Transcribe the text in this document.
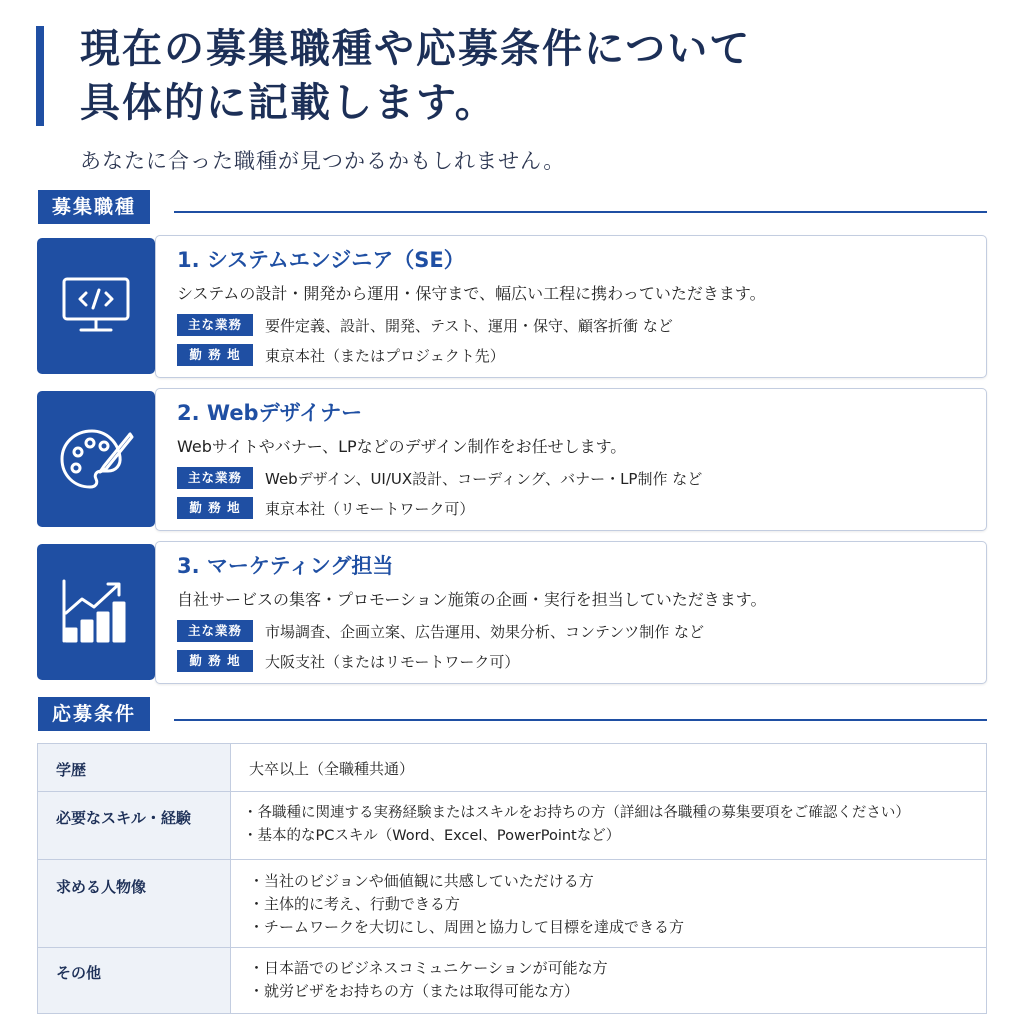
現在の募集職種や応募条件について
具体的に記載します。

あなたに合った職種が見つかるかもしれません。

募集職種
1. システムエンジニア（SE）
システムの設計・開発から運用・保守まで、幅広い工程に携わっていただきます。
主な業務	要件定義、設計、開発、テスト、運用・保守、顧客折衝 など
勤 務 地	東京本社（またはプロジェクト先）
2. Webデザイナー
Webサイトやバナー、LPなどのデザイン制作をお任せします。
主な業務	Webデザイン、UI/UX設計、コーディング、バナー・LP制作 など
勤 務 地	東京本社（リモートワーク可）
3. マーケティング担当
自社サービスの集客・プロモーション施策の企画・実行を担当していただきます。
主な業務	市場調査、企画立案、広告運用、効果分析、コンテンツ制作 など
勤 務 地	大阪支社（またはリモートワーク可）
応募条件
学歴	大卒以上（全職種共通）

必要なスキル・経験	・各職種に関連する実務経験またはスキルをお持ちの方（詳細は各職種の募集要項をご確認ください）
・基本的なPCスキル（Word、Excel、PowerPointなど）

求める人物像	・当社のビジョンや価値観に共感していただける方
・主体的に考え、行動できる方
・チームワークを大切にし、周囲と協力して目標を達成できる方

その他	・日本語でのビジネスコミュニケーションが可能な方
・就労ビザをお持ちの方（または取得可能な方）
